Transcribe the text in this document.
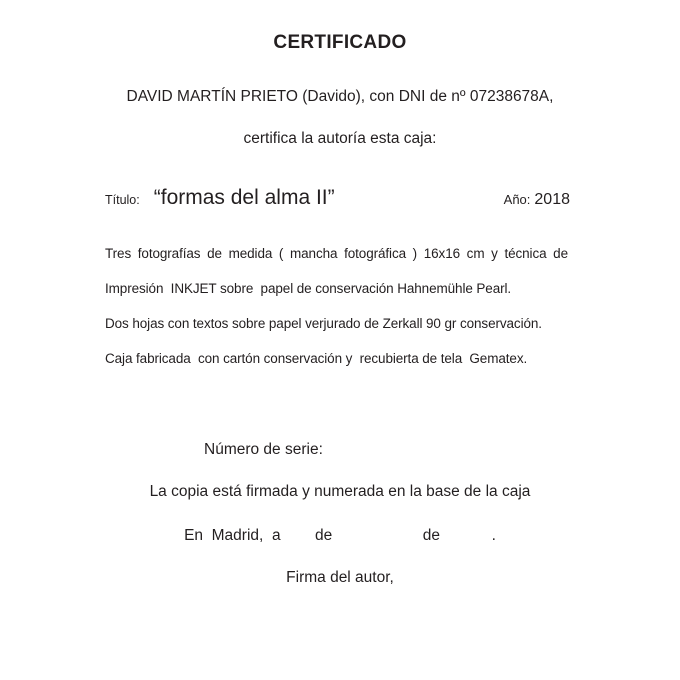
CERTIFICADO
DAVID MARTÍN PRIETO (Davido), con DNI de nº 07238678A,
certifica la autoría esta caja:
Título: “formas del alma II”	Año: 2018
Tres fotografías de medida ( mancha fotográfica ) 16x16 cm y técnica de
Impresión  INKJET sobre  papel de conservación Hahnemühle Pearl.
Dos hojas con textos sobre papel verjurado de Zerkall 90 gr conservación.
Caja fabricada  con cartón conservación y  recubierta de tela  Gematex.
Número de serie:
La copia está firmada y numerada en la base de la caja
En  Madrid,  a        de                     de            .
Firma del autor,
